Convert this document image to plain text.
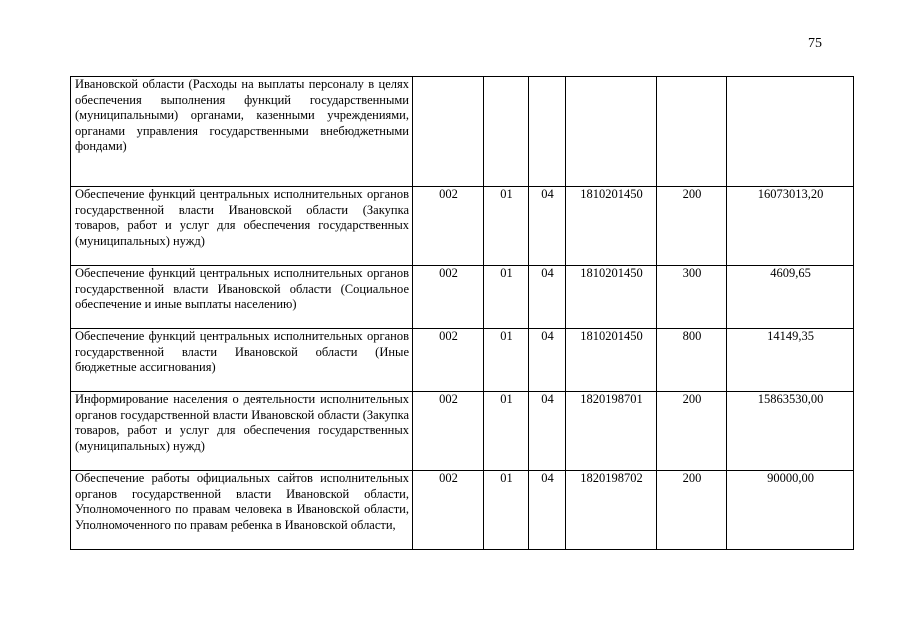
75
Ивановской области (Расходы на выплаты персоналу в целях обеспечения выполнения функций государственными (муниципальными) органами, казенными учреждениями, органами управления государственными внебюджетными фондами)						
Обеспечение функций центральных исполнительных органов государственной власти Ивановской области (Закупка товаров, работ и услуг для обеспечения государственных (муниципальных) нужд)	002	01	04	1810201450	200	16073013,20
Обеспечение функций центральных исполнительных органов государственной власти Ивановской области (Социальное обеспечение и иные выплаты населению)	002	01	04	1810201450	300	4609,65
Обеспечение функций центральных исполнительных органов государственной власти Ивановской области (Иные бюджетные ассигнования)	002	01	04	1810201450	800	14149,35
Информирование населения о деятельности исполнительных органов государственной власти Ивановской области (Закупка товаров, работ и услуг для обеспечения государственных (муниципальных) нужд)	002	01	04	1820198701	200	15863530,00
Обеспечение работы официальных сайтов исполнительных органов государственной власти Ивановской области, Уполномоченного по правам человека в Ивановской области, Уполномоченного по правам ребенка в Ивановской области,	002	01	04	1820198702	200	90000,00
